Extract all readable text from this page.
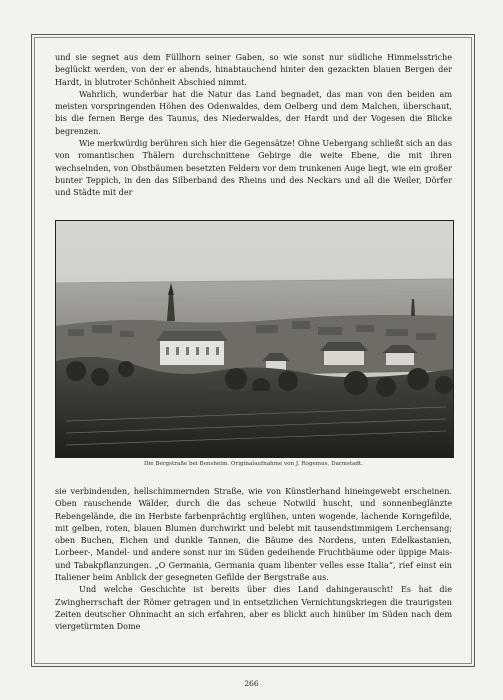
und sie segnet aus dem Füllhorn seiner Gaben, so wie sonst nur südliche Himmelsstriche beglückt werden, von der er abends, hinabtauchend hinter den gezackten blauen Bergen der Hardt, in blutroter Schönheit Abschied nimmt.

Wahrlich, wunderbar hat die Natur das Land begnadet, das man von den beiden am meisten vorspringenden Höhen des Odenwaldes, dem Oelberg und dem Malchen, überschaut, bis die fernen Berge des Taunus, des Niederwaldes, der Hardt und der Vogesen die Blicke begrenzen.

Wie merkwürdig berühren sich hier die Gegensätze! Ohne Uebergang schließt sich an das von romantischen Thälern durchschnittene Gebirge die weite Ebene, die mit ihren wechselnden, von Obstbäumen besetzten Feldern vor dem trunkenen Auge liegt, wie ein großer bunter Teppich, in den das Silberband des Rheins und des Neckars und all die Weiler, Dörfer und Städte mit der

Die Bergstraße bei Bensheim. Originalaufnahme von J. Rogemus, Darmstadt.

sie verbindenden, hellschimmernden Straße, wie von Künstlerhand hineingewebt erscheinen. Oben rauschende Wälder, durch die das scheue Notwild huscht, und sonnenbeglänzte Rebengelände, die im Herbste farbenprächtig erglühen, unten wogende, lachende Korngefilde, mit gelben, roten, blauen Blumen durchwirkt und belebt mit tausendstimmigem Lerchensang; oben Buchen, Eichen und dunkle Tannen, die Bäume des Nordens, unten Edelkastanien, Lorbeer-, Mandel- und andere sonst nur im Süden gedeihende Fruchtbäume oder üppige Mais- und Tabakpflanzungen. „O Germania, Germania quam libenter velles esse Italia“, rief einst ein Italiener beim Anblick der gesegneten Gefilde der Bergstraße aus.

Und welche Geschichte ist bereits über dies Land dahingerauscht! Es hat die Zwingherrschaft der Römer getragen und in entsetzlichen Vernichtungskriegen die traurigsten Zeiten deutscher Ohnmacht an sich erfahren, aber es blickt auch hinüber im Süden nach dem viergetürmten Dome

266
